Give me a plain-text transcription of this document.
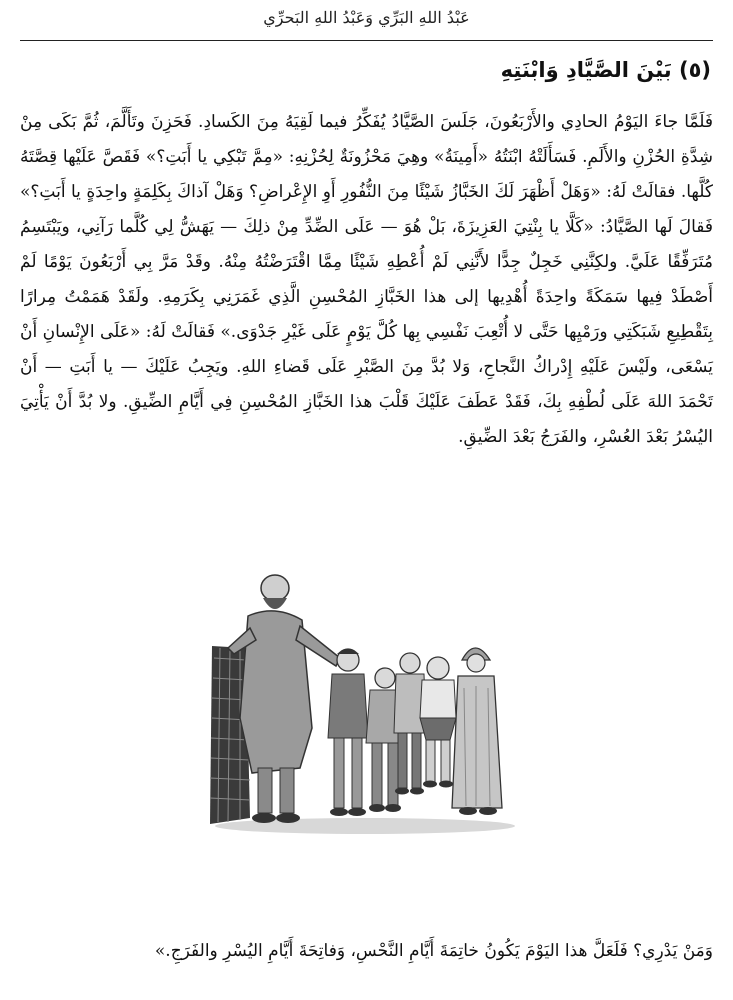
عَبْدُ اللهِ البَرِّي وَعَبْدُ اللهِ البَحرِّي
(٥) بَيْنَ الصَّيَّادِ وَابْنَتِهِ

فَلَمَّا جاءَ اليَوْمُ الحادِي والأَرْبَعُونَ، جَلَسَ الصَّيَّادُ يُفَكِّرُ فيما لَقِيَهُ مِنَ الكَسادِ. فَحَزِنَ وتَأَلَّمَ، ثُمَّ بَكَى مِنْ شِدَّةِ الحُزْنِ والأَلَمِ. فَسَأَلَتْهُ ابْنَتُهُ «أَمِينَةُ» وهِيَ مَحْزُونَةٌ لِحُزْنِهِ: «مِمَّ تَبْكِي يا أَبَتِ؟» فَقَصَّ عَلَيْها قِصَّتَهُ كُلَّها. فقالَتْ لَهُ: «وَهَلْ أَظْهَرَ لَكَ الخَبَّازُ شَيْئًا مِنَ النُّفُورِ أَوِ الإِعْراضِ؟ وَهَلْ آذاكَ بِكَلِمَةٍ واحِدَةٍ يا أَبَتِ؟» فَقالَ لَها الصَّيَّادُ: «كَلَّا يا بِنْتِيَ العَزِيزَةَ، بَلْ هُوَ — عَلَى الضِّدِّ مِنْ ذلِكَ — يَهَشُّ لِي كُلَّما رَآنِي، ويَبْتَسِمُ مُتَرَفِّقًا عَلَيَّ. ولكِنَّنِي خَجِلٌ جِدًّا لأَنَّنِي لَمْ أُعْطِهِ شَيْئًا مِمَّا اقْتَرَضْتُهُ مِنْهُ. وقَدْ مَرَّ بِي أَرْبَعُونَ يَوْمًا لَمْ أَصْطَدْ فِيها سَمَكَةً واحِدَةً أُهْدِيها إلى هذا الخَبَّازِ المُحْسِنِ الَّذِي غَمَرَنِي بِكَرَمِهِ. ولَقَدْ هَمَمْتُ مِرارًا بِتَقْطِيعِ شَبَكَتِي ورَمْيِها حَتَّى لا أُتْعِبَ نَفْسِي بِها كُلَّ يَوْمٍ عَلَى غَيْرِ جَدْوَى.» فَقالَتْ لَهُ: «عَلَى الإِنْسانِ أَنْ يَسْعَى، ولَيْسَ عَلَيْهِ إِدْراكُ النَّجاحِ، وَلا بُدَّ مِنَ الصَّبْرِ عَلَى قَضاءِ اللهِ. ويَجِبُ عَلَيْكَ — يا أَبَتِ — أَنْ تَحْمَدَ اللهَ عَلَى لُطْفِهِ بِكَ، فَقَدْ عَطَفَ عَلَيْكَ قَلْبَ هذا الخَبَّازِ المُحْسِنِ فِي أَيَّامِ الضِّيقِ. ولا بُدَّ أَنْ يَأْتِيَ اليُسْرُ بَعْدَ العُسْرِ، والفَرَجُ بَعْدَ الضِّيقِ.

وَمَنْ يَدْرِي؟ فَلَعَلَّ هذا اليَوْمَ يَكُونُ خاتِمَةَ أَيَّامِ النَّحْسِ، وَفاتِحَةَ أَيَّامِ اليُسْرِ والفَرَجِ.»
